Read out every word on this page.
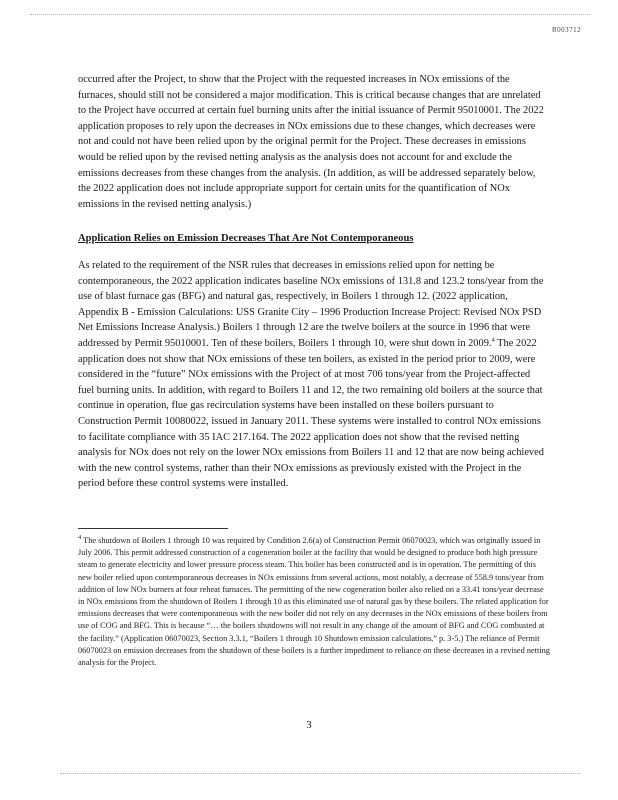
R003712

occurred after the Project, to show that the Project with the requested increases in NOx emissions of the furnaces, should still not be considered a major modification. This is critical because changes that are unrelated to the Project have occurred at certain fuel burning units after the initial issuance of Permit 95010001. The 2022 application proposes to rely upon the decreases in NOx emissions due to these changes, which decreases were not and could not have been relied upon by the original permit for the Project. These decreases in emissions would be relied upon by the revised netting analysis as the analysis does not account for and exclude the emissions decreases from these changes from the analysis. (In addition, as will be addressed separately below, the 2022 application does not include appropriate support for certain units for the quantification of NOx emissions in the revised netting analysis.)

Application Relies on Emission Decreases That Are Not Contemporaneous

As related to the requirement of the NSR rules that decreases in emissions relied upon for netting be contemporaneous, the 2022 application indicates baseline NOx emissions of 131.8 and 123.2 tons/year from the use of blast furnace gas (BFG) and natural gas, respectively, in Boilers 1 through 12. (2022 application, Appendix B - Emission Calculations: USS Granite City – 1996 Production Increase Project: Revised NOx PSD Net Emissions Increase Analysis.) Boilers 1 through 12 are the twelve boilers at the source in 1996 that were addressed by Permit 95010001. Ten of these boilers, Boilers 1 through 10, were shut down in 2009.$^4$ The 2022 application does not show that NOx emissions of these ten boilers, as existed in the period prior to 2009, were considered in the “future” NOx emissions with the Project of at most 706 tons/year from the Project-affected fuel burning units. In addition, with regard to Boilers 11 and 12, the two remaining old boilers at the source that continue in operation, flue gas recirculation systems have been installed on these boilers pursuant to Construction Permit 10080022, issued in January 2011. These systems were installed to control NOx emissions to facilitate compliance with 35 IAC 217.164. The 2022 application does not show that the revised netting analysis for NOx does not rely on the lower NOx emissions from Boilers 11 and 12 that are now being achieved with the new control systems, rather than their NOx emissions as previously existed with the Project in the period before these control systems were installed.

$^4$ The shutdown of Boilers 1 through 10 was required by Condition 2.6(a) of Construction Permit 06070023, which was originally issued in July 2006. This permit addressed construction of a cogeneration boiler at the facility that would be designed to produce both high pressure steam to generate electricity and lower pressure process steam. This boiler has been constructed and is in operation. The permitting of this new boiler relied upon contemporaneous decreases in NOx emissions from several actions, most notably, a decrease of 558.9 tons/year from addition of low NOx burners at four reheat furnaces. The permitting of the new cogeneration boiler also relied on a 33.41 tons/year decrease in NOx emissions from the shutdown of Boilers 1 through 10 as this eliminated use of natural gas by these boilers. The related application for emissions decreases that were contemporaneous with the new boiler did not rely on any decreases in the NOx emissions of these boilers from use of COG and BFG. This is because “… the boilers shutdowns will not result in any change of the amount of BFG and COG combusted at the facility.” (Application 06070023, Section 3.3.1, “Boilers 1 through 10 Shutdown emission calculations,” p. 3-5.) The reliance of Permit 06070023 on emission decreases from the shutdown of these boilers is a further impediment to reliance on these decreases in a revised netting analysis for the Project.

3
